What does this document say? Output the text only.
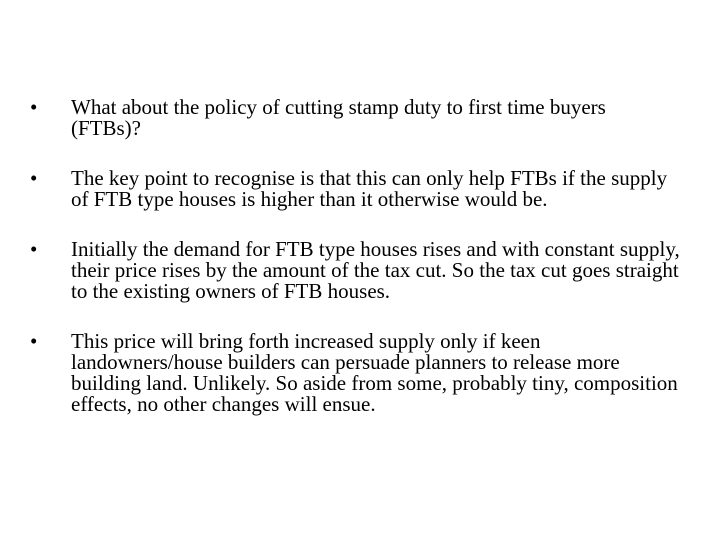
•	What about the policy of cutting stamp duty to first time buyers (FTBs)?
•	The key point to recognise is that this can only help FTBs if the supply of FTB type houses is higher than it otherwise would be.
•	Initially the demand for FTB type houses rises and with constant supply, their price rises by the amount of the tax cut. So the tax cut goes straight to the existing owners of FTB houses.
•	This price will bring forth increased supply only if keen landowners/house builders can persuade planners to release more building land. Unlikely. So aside from some, probably tiny, composition effects, no other changes will ensue.
